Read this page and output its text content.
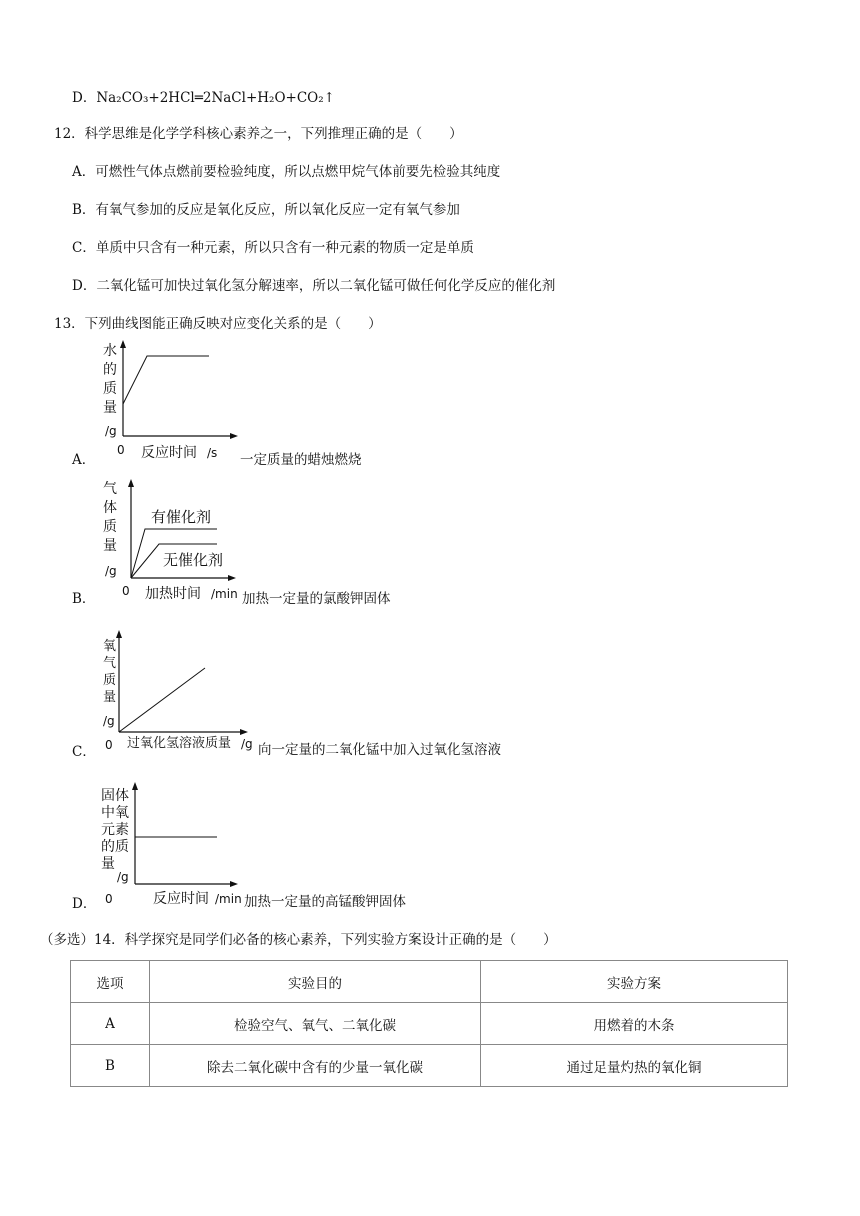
D．Na₂CO₃+2HCl═2NaCl+H₂O+CO₂↑
12．科学思维是化学学科核心素养之一，下列推理正确的是（　　）
A．可燃性气体点燃前要检验纯度，所以点燃甲烷气体前要先检验其纯度
B．有氧气参加的反应是氧化反应，所以氧化反应一定有氧气参加
C．单质中只含有一种元素，所以只含有一种元素的物质一定是单质
D．二氧化锰可加快过氧化氢分解速率，所以二氧化锰可做任何化学反应的催化剂
13．下列曲线图能正确反映对应变化关系的是（　　）
水的质量
/g
0 反应时间 /s
A．	一定质量的蜡烛燃烧
气体质量
有催化剂
无催化剂
/g
0 加热时间 /min
B．	加热一定量的氯酸钾固体
氧气质量
/g
0 过氧化氢溶液质量 /g
C．	向一定量的二氧化锰中加入过氧化氢溶液
固体中氧元素的质量
/g
0	反应时间 /min
D．	加热一定量的高锰酸钾固体
（多选）14．科学探究是同学们必备的核心素养，下列实验方案设计正确的是（　　）
选项	实验目的	实验方案
A	检验空气、氧气、二氧化碳	用燃着的木条
B	除去二氧化碳中含有的少量一氧化碳	通过足量灼热的氧化铜
